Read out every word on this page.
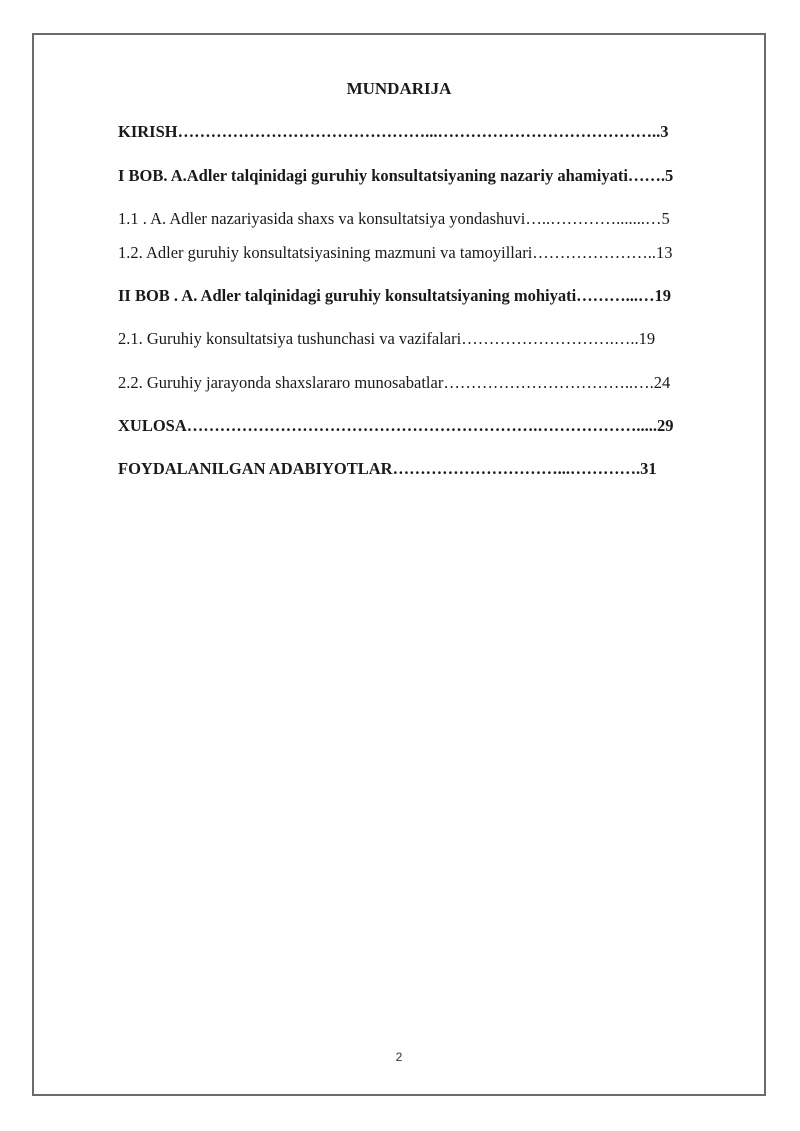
MUNDARIJA
KIRISH………………………………………...…………………………………..3
I BOB. A.Adler talqinidagi guruhiy konsultatsiyaning nazariy ahamiyati…….5
1.1 . A. Adler nazariyasida shaxs va konsultatsiya yondashuvi…..………….......…5
1.2. Adler guruhiy konsultatsiyasining mazmuni va tamoyillari…………………..13
II BOB . A. Adler talqinidagi guruhiy konsultatsiyaning mohiyati………...…19
2.1. Guruhiy konsultatsiya tushunchasi va vazifalari……………………….…..19
2.2. Guruhiy jarayonda shaxslararo munosabatlar……………………………..….24
XULOSA……………………………………………………….……………….....29
FOYDALANILGAN ADABIYOTLAR…………………………...………….31
2
